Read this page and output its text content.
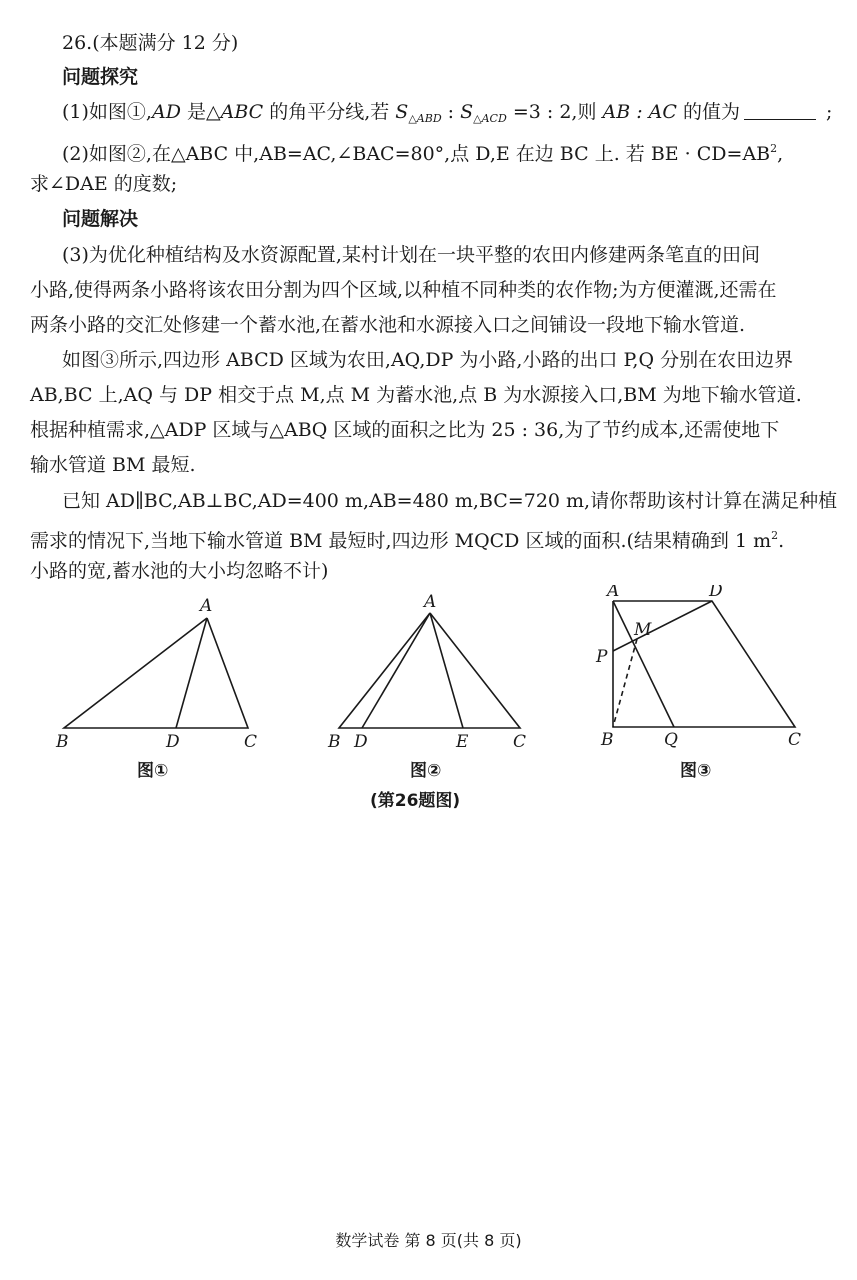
26.(本题满分 12 分)
问题探究
(1)如图①,AD 是△ABC 的角平分线,若 $S_{\triangle ABD}$ : $S_{\triangle ACD} =3$ : 2,则 AB : AC 的值为	;
(2)如图②,在△ABC 中,AB=AC,∠BAC=80°,点 D,E 在边 BC 上. 若 BE · $CD=AB^2$,
求∠DAE 的度数;
问题解决
(3)为优化种植结构及水资源配置,某村计划在一块平整的农田内修建两条笔直的田间
小路,使得两条小路将该农田分割为四个区域,以种植不同种类的农作物;为方便灌溉,还需在
两条小路的交汇处修建一个蓄水池,在蓄水池和水源接入口之间铺设一段地下输水管道.
如图③所示,四边形 ABCD 区域为农田,AQ,DP 为小路,小路的出口 P,Q 分别在农田边界
AB,BC 上,AQ 与 DP 相交于点 M,点 M 为蓄水池,点 B 为水源接入口,BM 为地下输水管道.
根据种植需求,△ADP 区域与△ABQ 区域的面积之比为 25 : 36,为了节约成本,还需使地下
输水管道 BM 最短.
已知 AD∥BC,AB⊥BC,AD=400 m,AB=480 m,BC=720 m,请你帮助该村计算在满足种植
需求的情况下,当地下输水管道 BM 最短时,四边形 MQCD 区域的面积.(结果精确到 1 $m^2$.
小路的宽,蓄水池的大小均忽略不计)
A
B	D	C
A
B D	E	C
A	D
M
P
B	Q	C
图①	图②	图③
(第26题图)
数学试卷 第 8 页(共 8 页)
